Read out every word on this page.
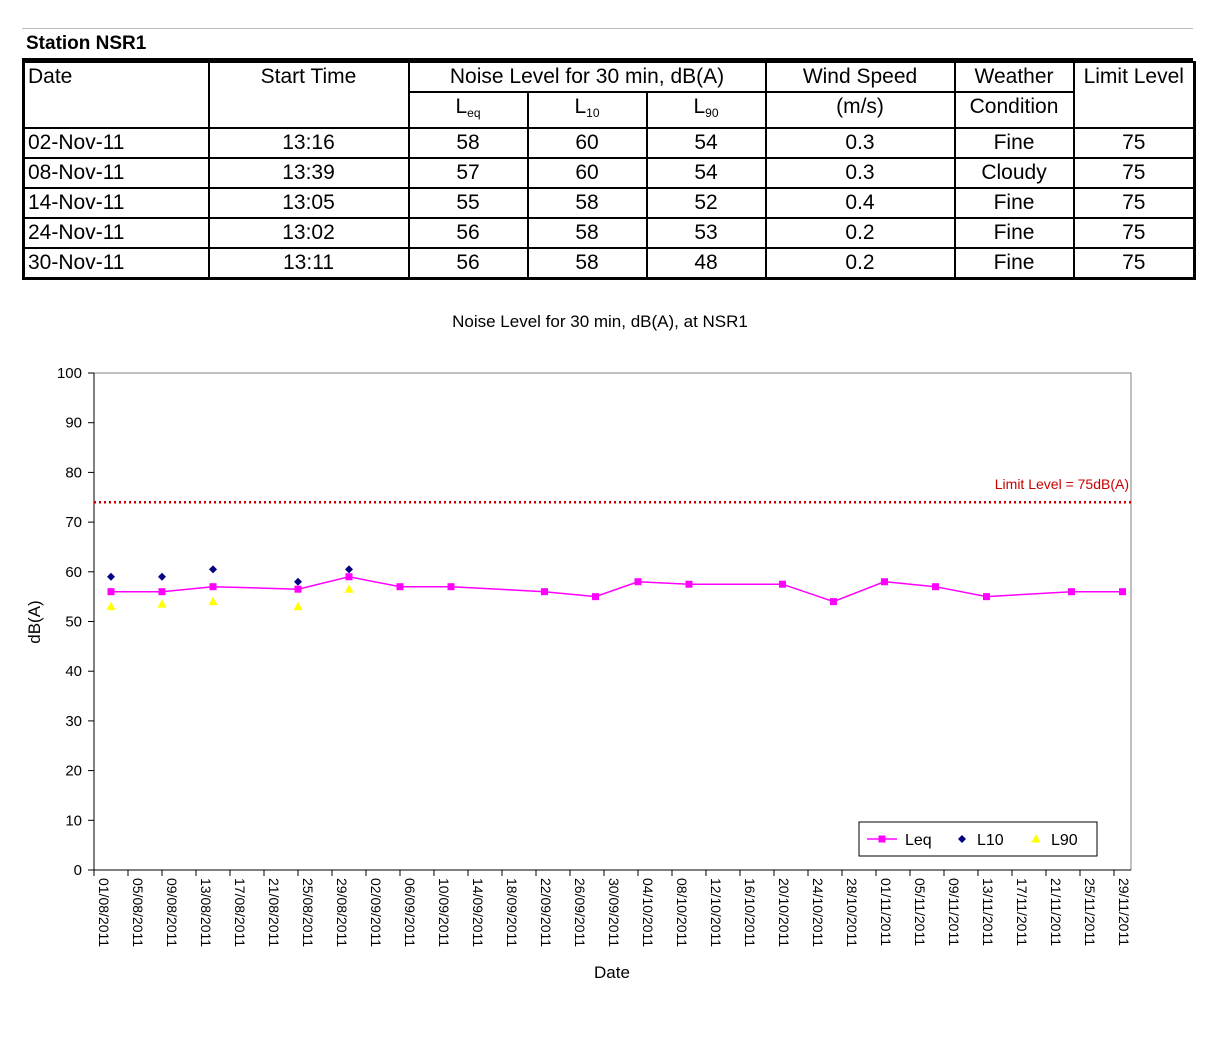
Station NSR1
Date	Start Time	Noise Level for 30 min, dB(A)			Wind Speed	Weather	Limit Level
		$L_{eq}$	$L_{10}$	$L_{90}$	(m/s)	Condition	
02-Nov-11	13:16	58	60	54	0.3	Fine	75
08-Nov-11	13:39	57	60	54	0.3	Cloudy	75
14-Nov-11	13:05	55	58	52	0.4	Fine	75
24-Nov-11	13:02	56	58	53	0.2	Fine	75
30-Nov-11	13:11	56	58	48	0.2	Fine	75
Noise Level for 30 min, dB(A), at NSR1
0
10
20
30
40
50
60
70
80
90
100
01/08/2011 05/08/2011 09/08/2011 13/08/2011 17/08/2011 21/08/2011 25/08/2011 29/08/2011 02/09/2011 06/09/2011 10/09/2011 14/09/2011 18/09/2011 22/09/2011 26/09/2011 30/09/2011 04/10/2011 08/10/2011 12/10/2011 16/10/2011 20/10/2011 24/10/2011 28/10/2011 01/11/2011 05/11/2011 09/11/2011 13/11/2011 17/11/2011 21/11/2011 25/11/2011 29/11/2011
Limit Level = 75dB(A)
dB(A)
Date
Leq	L10	L90
